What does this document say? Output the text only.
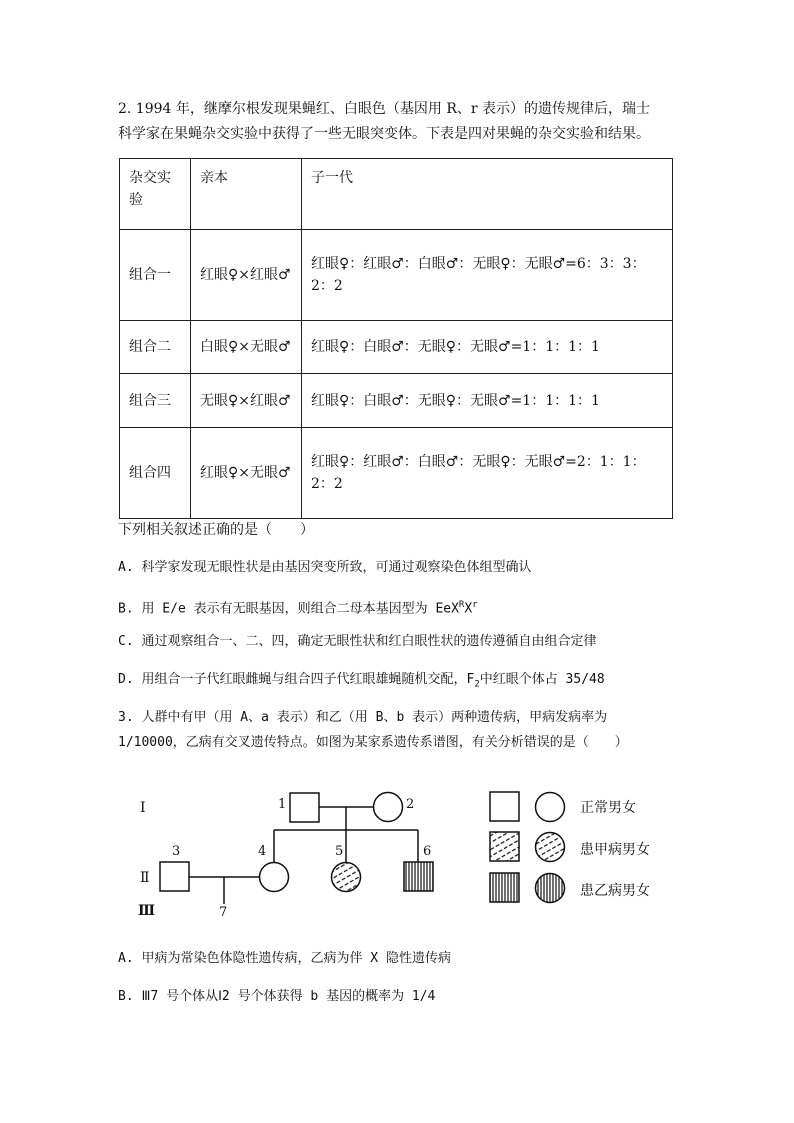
2. 1994 年，继摩尔根发现果蝇红、白眼色（基因用 R、r 表示）的遗传规律后，瑞士
科学家在果蝇杂交实验中获得了一些无眼突变体。下表是四对果蝇的杂交实验和结果。
杂交实验	亲本	子一代
组合一	红眼♀×红眼♂	红眼♀：红眼♂：白眼♂：无眼♀：无眼♂=6：3：3：2：2
组合二	白眼♀×无眼♂	红眼♀：白眼♂：无眼♀：无眼♂=1：1：1：1
组合三	无眼♀×红眼♂	红眼♀：白眼♂：无眼♀：无眼♂=1：1：1：1
组合四	红眼♀×无眼♂	红眼♀：红眼♂：白眼♂：无眼♀：无眼♂=2：1：1：2：2
下列相关叙述正确的是（　　）
A. 科学家发现无眼性状是由基因突变所致，可通过观察染色体组型确认
B. 用 E/e 表示有无眼基因，则组合二母本基因型为 $EeX^RX^r$
C. 通过观察组合一、二、四，确定无眼性状和红白眼性状的遗传遵循自由组合定律
D. 用组合一子代红眼雌蝇与组合四子代红眼雄蝇随机交配，$F_2$中红眼个体占 35/48
3. 人群中有甲（用 A、a 表示）和乙（用 B、b 表示）两种遗传病，甲病发病率为
1/10000，乙病有交叉遗传特点。如图为某家系遗传系谱图，有关分析错误的是（　　）
Ⅰ
Ⅱ
Ⅲ
1	2
3	4	5	6
7
正常男女
患甲病男女
患乙病男女
A. 甲病为常染色体隐性遗传病，乙病为伴 X 隐性遗传病
B. Ⅲ7 号个体从Ⅰ2 号个体获得 b 基因的概率为 1/4
